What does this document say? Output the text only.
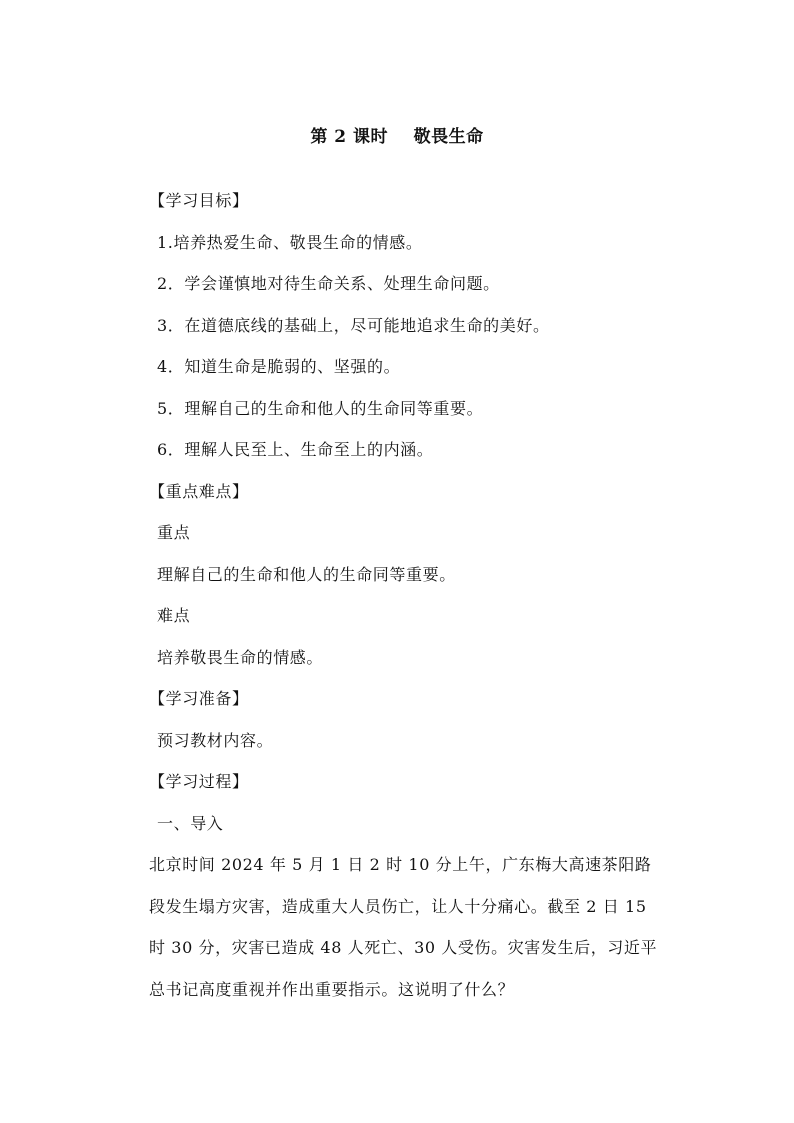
第 2 课时    敬畏生命
【学习目标】
1.培养热爱生命、敬畏生命的情感。
2．学会谨慎地对待生命关系、处理生命问题。
3．在道德底线的基础上，尽可能地追求生命的美好。
4．知道生命是脆弱的、坚强的。
5．理解自己的生命和他人的生命同等重要。
6．理解人民至上、生命至上的内涵。
【重点难点】
重点
理解自己的生命和他人的生命同等重要。
难点
培养敬畏生命的情感。
【学习准备】
预习教材内容。
【学习过程】
一、导入
北京时间 2024 年 5 月 1 日 2 时 10 分上午，广东梅大高速茶阳路
段发生塌方灾害，造成重大人员伤亡，让人十分痛心。截至 2 日 15
时 30 分，灾害已造成 48 人死亡、30 人受伤。灾害发生后，习近平
总书记高度重视并作出重要指示。这说明了什么？
